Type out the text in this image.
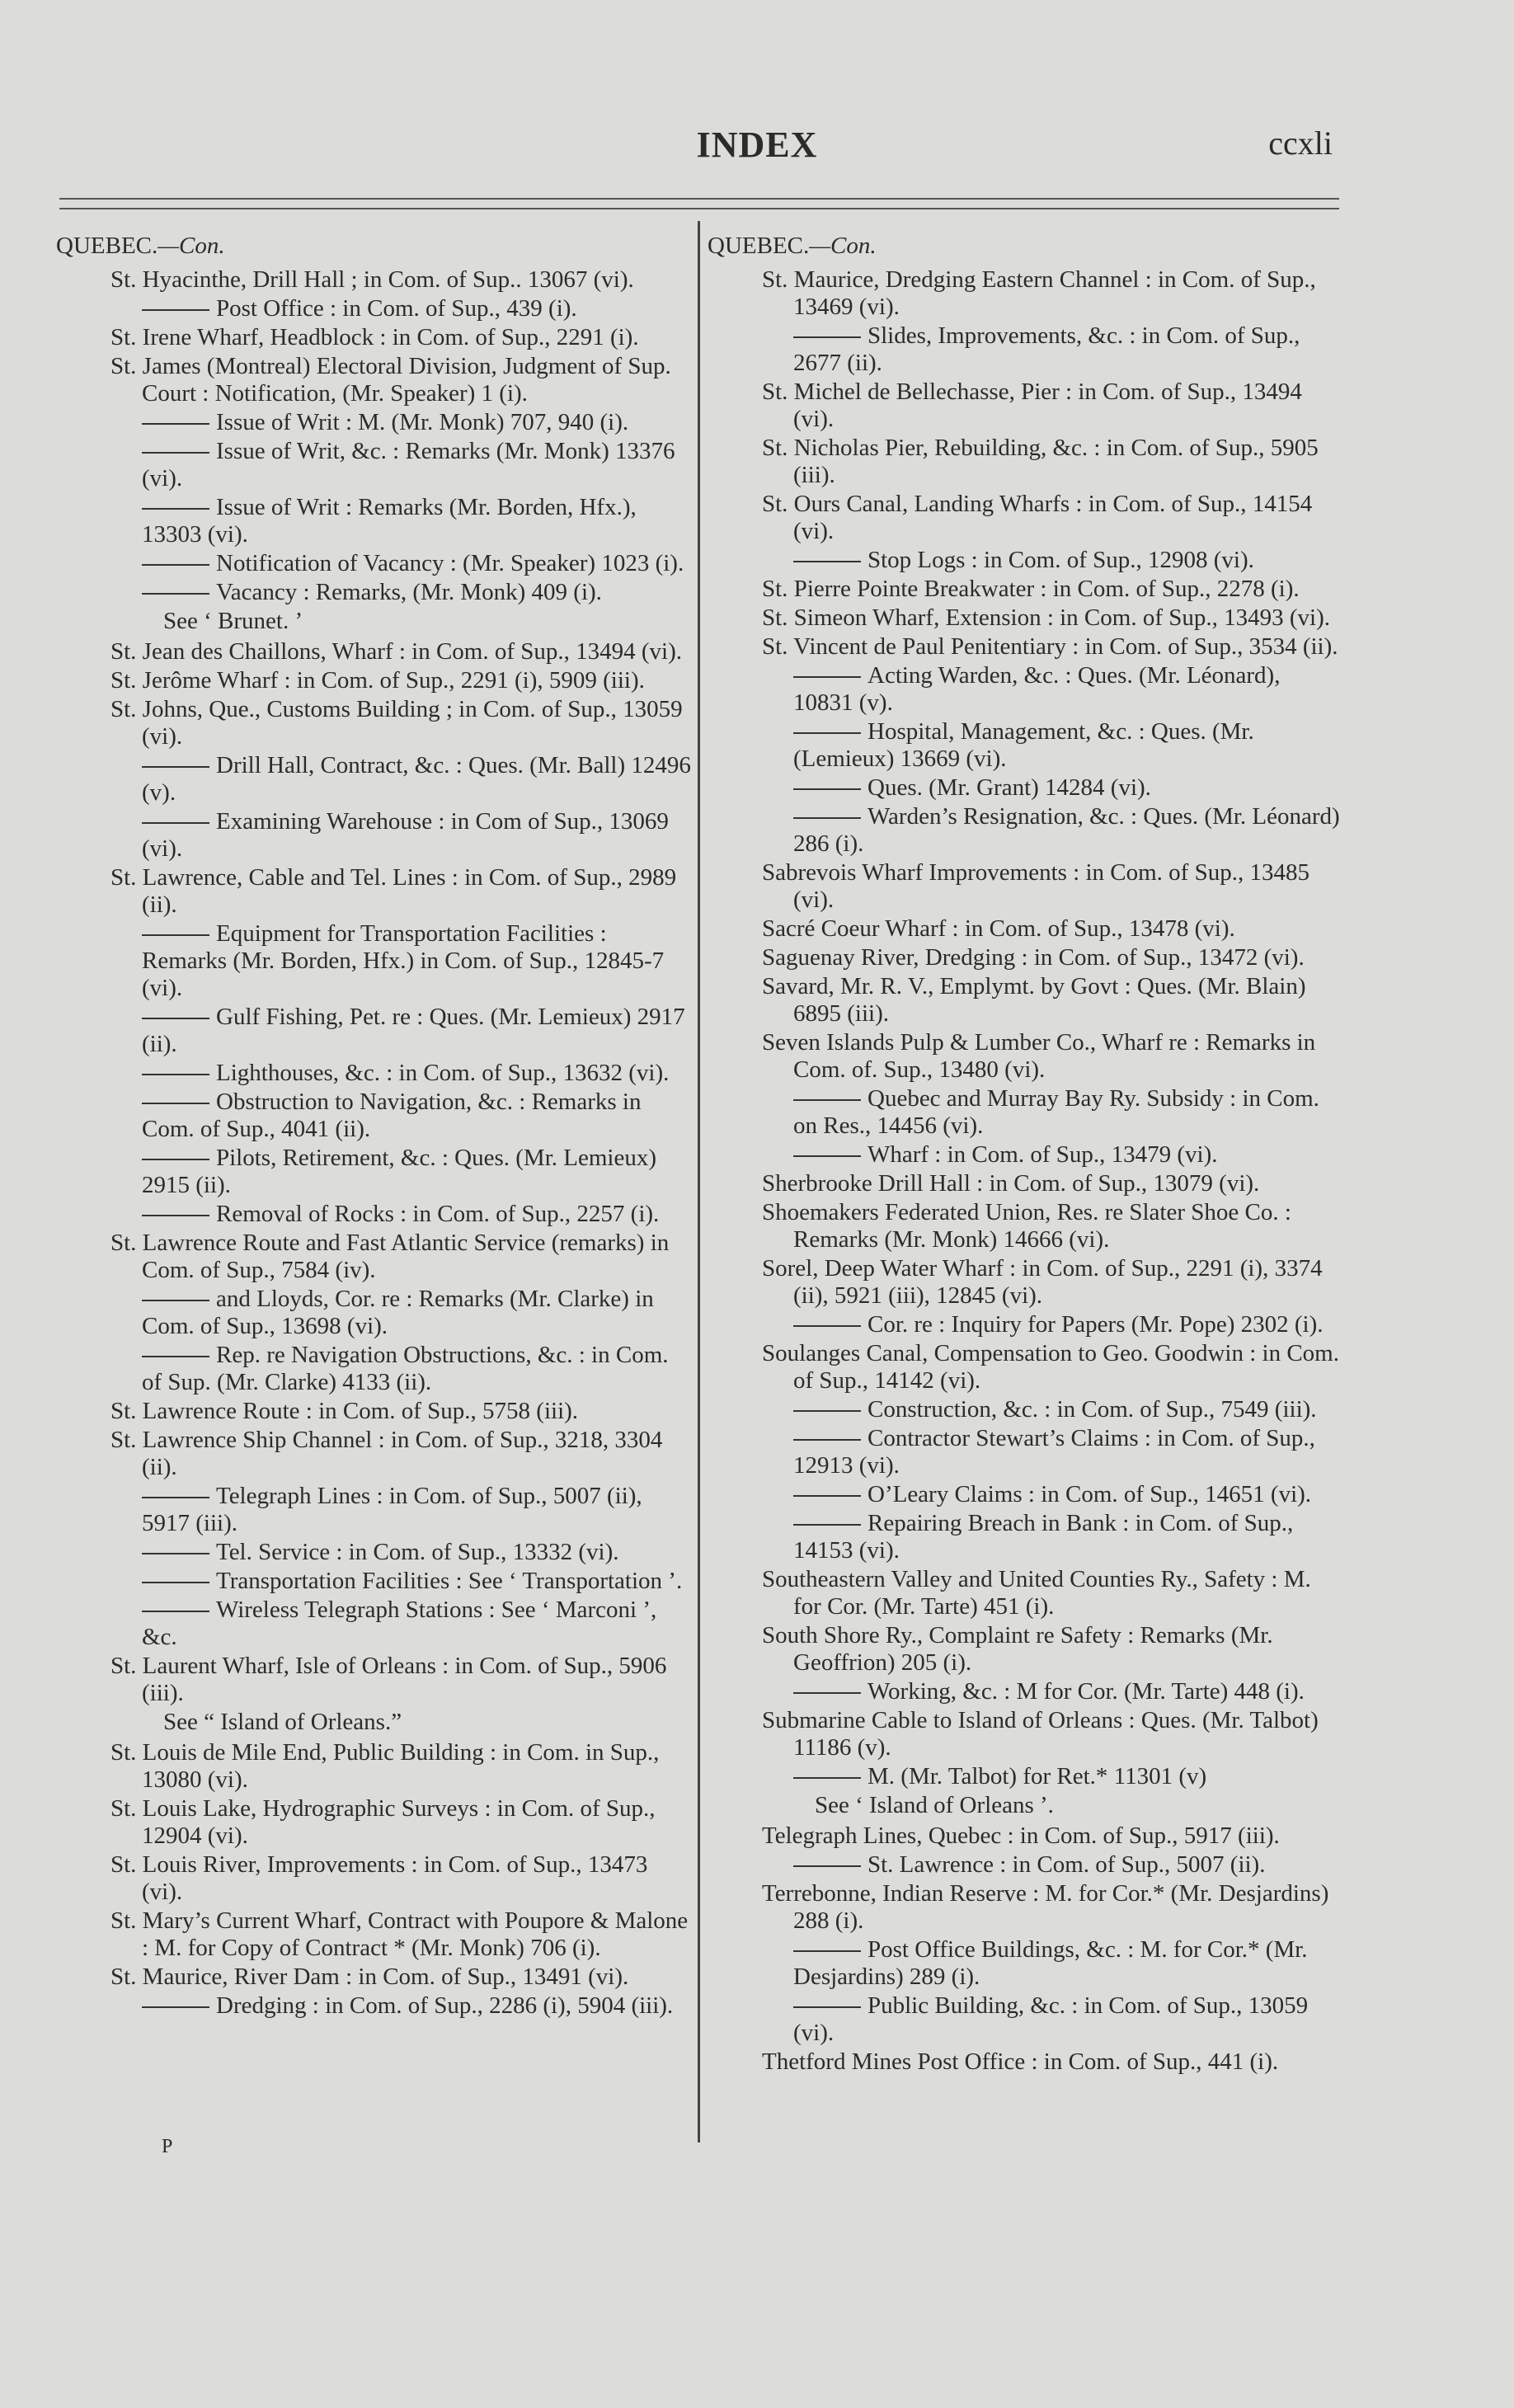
INDEX	ccxli
QUEBEC.—Con.
St. Hyacinthe, Drill Hall ; in Com. of Sup.. 13067 (vi).
Post Office : in Com. of Sup., 439 (i).
St. Irene Wharf, Headblock : in Com. of Sup., 2291 (i).
St. James (Montreal) Electoral Division, Judgment of Sup. Court : Notification, (Mr. Speaker) 1 (i).
Issue of Writ : M. (Mr. Monk) 707, 940 (i).
Issue of Writ, &c. : Remarks (Mr. Monk) 13376 (vi).
Issue of Writ : Remarks (Mr. Borden, Hfx.), 13303 (vi).
Notification of Vacancy : (Mr. Speaker) 1023 (i).
Vacancy : Remarks, (Mr. Monk) 409 (i).
See ‘ Brunet. ’
St. Jean des Chaillons, Wharf : in Com. of Sup., 13494 (vi).
St. Jerôme Wharf : in Com. of Sup., 2291 (i), 5909 (iii).
St. Johns, Que., Customs Building ; in Com. of Sup., 13059 (vi).
Drill Hall, Contract, &c. : Ques. (Mr. Ball) 12496 (v).
Examining Warehouse : in Com of Sup., 13069 (vi).
St. Lawrence, Cable and Tel. Lines : in Com. of Sup., 2989 (ii).
Equipment for Transportation Facilities : Remarks (Mr. Borden, Hfx.) in Com. of Sup., 12845-7 (vi).
Gulf Fishing, Pet. re : Ques. (Mr. Lemieux) 2917 (ii).
Lighthouses, &c. : in Com. of Sup., 13632 (vi).
Obstruction to Navigation, &c. : Remarks in Com. of Sup., 4041 (ii).
Pilots, Retirement, &c. : Ques. (Mr. Lemieux) 2915 (ii).
Removal of Rocks : in Com. of Sup., 2257 (i).
St. Lawrence Route and Fast Atlantic Service (remarks) in Com. of Sup., 7584 (iv).
and Lloyds, Cor. re : Remarks (Mr. Clarke) in Com. of Sup., 13698 (vi).
Rep. re Navigation Obstructions, &c. : in Com. of Sup. (Mr. Clarke) 4133 (ii).
St. Lawrence Route : in Com. of Sup., 5758 (iii).
St. Lawrence Ship Channel : in Com. of Sup., 3218, 3304 (ii).
Telegraph Lines : in Com. of Sup., 5007 (ii), 5917 (iii).
Tel. Service : in Com. of Sup., 13332 (vi).
Transportation Facilities : See ‘ Transportation ’.
Wireless Telegraph Stations : See ‘ Marconi ’, &c.
St. Laurent Wharf, Isle of Orleans : in Com. of Sup., 5906 (iii).
See “ Island of Orleans.”
St. Louis de Mile End, Public Building : in Com. in Sup., 13080 (vi).
St. Louis Lake, Hydrographic Surveys : in Com. of Sup., 12904 (vi).
St. Louis River, Improvements : in Com. of Sup., 13473 (vi).
St. Mary’s Current Wharf, Contract with Poupore & Malone : M. for Copy of Contract * (Mr. Monk) 706 (i).
St. Maurice, River Dam : in Com. of Sup., 13491 (vi).
Dredging : in Com. of Sup., 2286 (i), 5904 (iii).
QUEBEC.—Con.
St. Maurice, Dredging Eastern Channel : in Com. of Sup., 13469 (vi).
Slides, Improvements, &c. : in Com. of Sup., 2677 (ii).
St. Michel de Bellechasse, Pier : in Com. of Sup., 13494 (vi).
St. Nicholas Pier, Rebuilding, &c. : in Com. of Sup., 5905 (iii).
St. Ours Canal, Landing Wharfs : in Com. of Sup., 14154 (vi).
Stop Logs : in Com. of Sup., 12908 (vi).
St. Pierre Pointe Breakwater : in Com. of Sup., 2278 (i).
St. Simeon Wharf, Extension : in Com. of Sup., 13493 (vi).
St. Vincent de Paul Penitentiary : in Com. of Sup., 3534 (ii).
Acting Warden, &c. : Ques. (Mr. Léonard), 10831 (v).
Hospital, Management, &c. : Ques. (Mr. (Lemieux) 13669 (vi).
Ques. (Mr. Grant) 14284 (vi).
Warden’s Resignation, &c. : Ques. (Mr. Léonard) 286 (i).
Sabrevois Wharf Improvements : in Com. of Sup., 13485 (vi).
Sacré Coeur Wharf : in Com. of Sup., 13478 (vi).
Saguenay River, Dredging : in Com. of Sup., 13472 (vi).
Savard, Mr. R. V., Emplymt. by Govt : Ques. (Mr. Blain) 6895 (iii).
Seven Islands Pulp & Lumber Co., Wharf re : Remarks in Com. of. Sup., 13480 (vi).
Quebec and Murray Bay Ry. Subsidy : in Com. on Res., 14456 (vi).
Wharf : in Com. of Sup., 13479 (vi).
Sherbrooke Drill Hall : in Com. of Sup., 13079 (vi).
Shoemakers Federated Union, Res. re Slater Shoe Co. : Remarks (Mr. Monk) 14666 (vi).
Sorel, Deep Water Wharf : in Com. of Sup., 2291 (i), 3374 (ii), 5921 (iii), 12845 (vi).
Cor. re : Inquiry for Papers (Mr. Pope) 2302 (i).
Soulanges Canal, Compensation to Geo. Goodwin : in Com. of Sup., 14142 (vi).
Construction, &c. : in Com. of Sup., 7549 (iii).
Contractor Stewart’s Claims : in Com. of Sup., 12913 (vi).
O’Leary Claims : in Com. of Sup., 14651 (vi).
Repairing Breach in Bank : in Com. of Sup., 14153 (vi).
Southeastern Valley and United Counties Ry., Safety : M. for Cor. (Mr. Tarte) 451 (i).
South Shore Ry., Complaint re Safety : Remarks (Mr. Geoffrion) 205 (i).
Working, &c. : M for Cor. (Mr. Tarte) 448 (i).
Submarine Cable to Island of Orleans : Ques. (Mr. Talbot) 11186 (v).
M. (Mr. Talbot) for Ret.* 11301 (v)
See ‘ Island of Orleans ’.
Telegraph Lines, Quebec : in Com. of Sup., 5917 (iii).
St. Lawrence : in Com. of Sup., 5007 (ii).
Terrebonne, Indian Reserve : M. for Cor.* (Mr. Desjardins) 288 (i).
Post Office Buildings, &c. : M. for Cor.* (Mr. Desjardins) 289 (i).
Public Building, &c. : in Com. of Sup., 13059 (vi).
Thetford Mines Post Office : in Com. of Sup., 441 (i).
P
